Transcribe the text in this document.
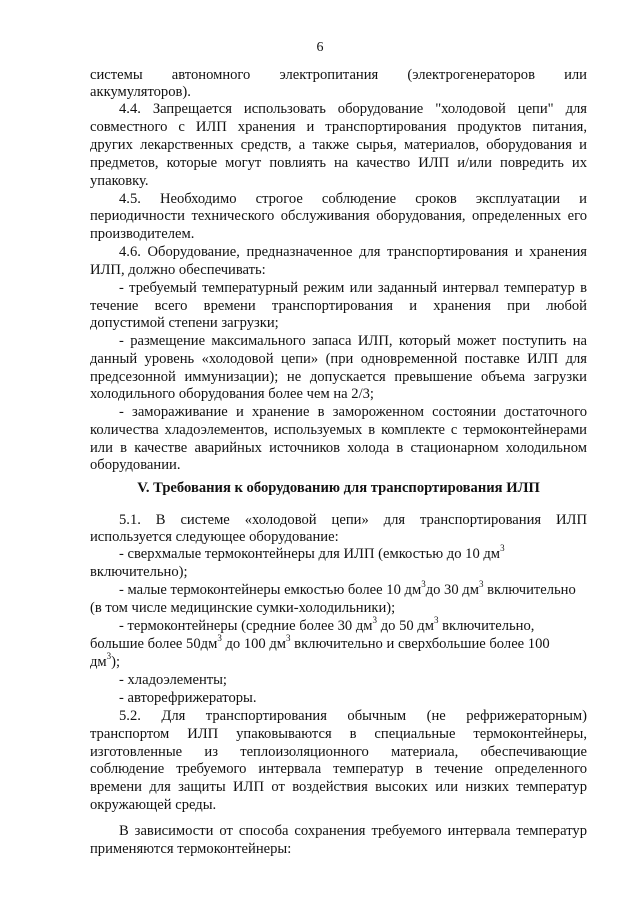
6
системы автономного электропитания (электрогенераторов или
аккумуляторов).
4.4. Запрещается использовать оборудование "холодовой цепи" для
совместного с ИЛП хранения и транспортирования продуктов питания,
других лекарственных средств, а также сырья, материалов, оборудования и
предметов, которые могут повлиять на качество ИЛП и/или повредить их
упаковку.
4.5. Необходимо строгое соблюдение сроков эксплуатации и
периодичности технического обслуживания оборудования, определенных его
производителем.
4.6. Оборудование, предназначенное для транспортирования и хранения
ИЛП, должно обеспечивать:
- требуемый температурный режим или заданный интервал температур в
течение всего времени транспортирования и хранения при любой
допустимой степени загрузки;
- размещение максимального запаса ИЛП, который может поступить на
данный уровень «холодовой цепи» (при одновременной поставке ИЛП для
предсезонной иммунизации); не допускается превышение объема загрузки
холодильного оборудования более чем на 2/3;
- замораживание и хранение в замороженном состоянии достаточного
количества хладоэлементов, используемых в комплекте с термоконтейнерами
или в качестве аварийных источников холода в стационарном холодильном
оборудовании.
V. Требования к оборудованию для транспортирования ИЛП
5.1. В системе «холодовой цепи» для транспортирования ИЛП
используется следующее оборудование:
- сверхмалые термоконтейнеры для ИЛП (емкостью до 10 $дм^3$
включительно);
- малые термоконтейнеры емкостью более 10 $дм^3до$ 30 $дм^3$ включительно
(в том числе медицинские сумки-холодильники);
- термоконтейнеры (средние более 30 $дм^3$ до 50 $дм^3$ включительно,
большие более $50дм^3$ до 100 $дм^3$ включительно и сверхбольшие более 100
$дм^3$);
- хладоэлементы;
- авторефрижераторы.
5.2. Для транспортирования обычным (не рефрижераторным)
транспортом ИЛП упаковываются в специальные термоконтейнеры,
изготовленные из теплоизоляционного материала, обеспечивающие
соблюдение требуемого интервала температур в течение определенного
времени для защиты ИЛП от воздействия высоких или низких температур
окружающей среды.
В зависимости от способа сохранения требуемого интервала температур
применяются термоконтейнеры:
